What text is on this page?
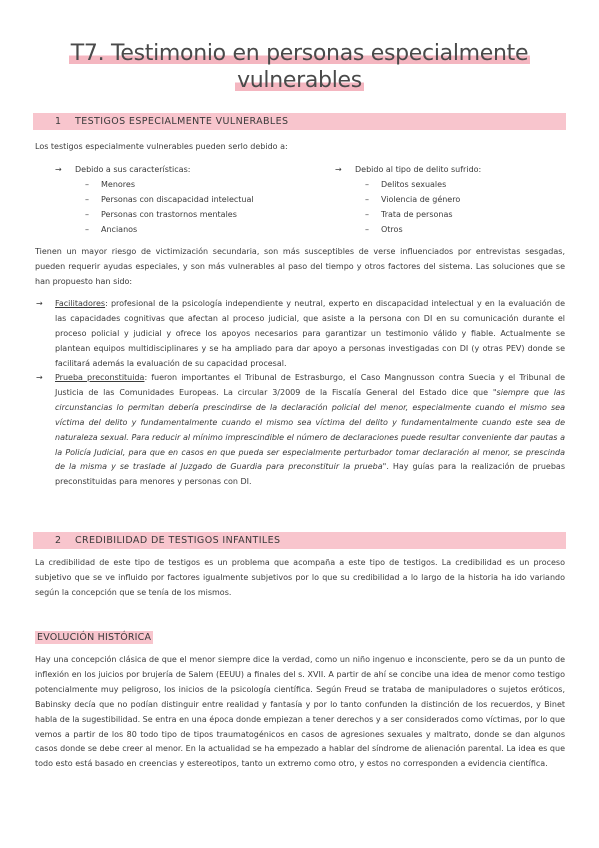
T7. Testimonio en personas especialmente
vulnerables
1 TESTIGOS ESPECIALMENTE VULNERABLES
Los testigos especialmente vulnerables pueden serlo debido a:
→ Debido a sus características:
– Menores
– Personas con discapacidad intelectual
– Personas con trastornos mentales
– Ancianos
→ Debido al tipo de delito sufrido:
– Delitos sexuales
– Violencia de género
– Trata de personas
– Otros
Tienen un mayor riesgo de victimización secundaria, son más susceptibles de verse influenciados por entrevistas sesgadas, pueden requerir ayudas especiales, y son más vulnerables al paso del tiempo y otros factores del sistema. Las soluciones que se han propuesto han sido:
→ Facilitadores: profesional de la psicología independiente y neutral, experto en discapacidad intelectual y en la evaluación de las capacidades cognitivas que afectan al proceso judicial, que asiste a la persona con DI en su comunicación durante el proceso policial y judicial y ofrece los apoyos necesarios para garantizar un testimonio válido y fiable. Actualmente se plantean equipos multidisciplinares y se ha ampliado para dar apoyo a personas investigadas con DI (y otras PEV) donde se facilitará además la evaluación de su capacidad procesal.
→ Prueba preconstituida: fueron importantes el Tribunal de Estrasburgo, el Caso Mangnusson contra Suecia y el Tribunal de Justicia de las Comunidades Europeas. La circular 3/2009 de la Fiscalía General del Estado dice que "siempre que las circunstancias lo permitan debería prescindirse de la declaración policial del menor, especialmente cuando el mismo sea víctima del delito y fundamentalmente cuando el mismo sea víctima del delito y fundamentalmente cuando este sea de naturaleza sexual. Para reducir al mínimo imprescindible el número de declaraciones puede resultar conveniente dar pautas a la Policía Judicial, para que en casos en que pueda ser especialmente perturbador tomar declaración al menor, se prescinda de la misma y se traslade al Juzgado de Guardia para preconstituir la prueba". Hay guías para la realización de pruebas preconstituidas para menores y personas con DI.
2 CREDIBILIDAD DE TESTIGOS INFANTILES
La credibilidad de este tipo de testigos es un problema que acompaña a este tipo de testigos. La credibilidad es un proceso subjetivo que se ve influido por factores igualmente subjetivos por lo que su credibilidad a lo largo de la historia ha ido variando según la concepción que se tenía de los mismos.
EVOLUCIÓN HISTÓRICA
Hay una concepción clásica de que el menor siempre dice la verdad, como un niño ingenuo e inconsciente, pero se da un punto de inflexión en los juicios por brujería de Salem (EEUU) a finales del s. XVII. A partir de ahí se concibe una idea de menor como testigo potencialmente muy peligroso, los inicios de la psicología científica. Según Freud se trataba de manipuladores o sujetos eróticos, Babinsky decía que no podían distinguir entre realidad y fantasía y por lo tanto confunden la distinción de los recuerdos, y Binet habla de la sugestibilidad. Se entra en una época donde empiezan a tener derechos y a ser considerados como víctimas, por lo que vemos a partir de los 80 todo tipo de tipos traumatogénicos en casos de agresiones sexuales y maltrato, donde se dan algunos casos donde se debe creer al menor. En la actualidad se ha empezado a hablar del síndrome de alienación parental. La idea es que todo esto está basado en creencias y estereotipos, tanto un extremo como otro, y estos no corresponden a evidencia científica.
